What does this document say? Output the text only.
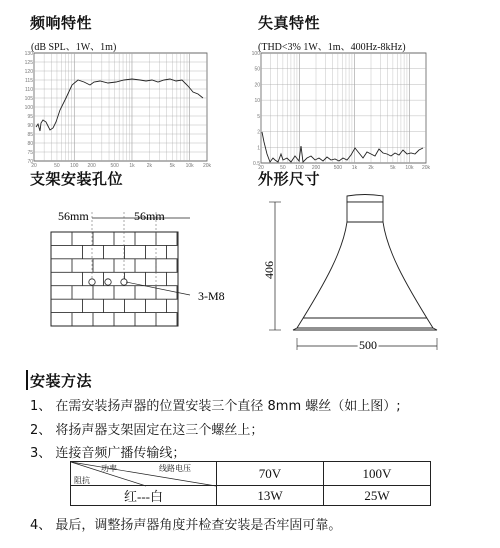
频响特性
(dB SPL、1W、1m)
130
125
120
115
110
105
100
95
90
85
80
75
70
20	50 100 200	500 1k 2k	5k 10k 20k
失真特性
(THD<3% 1W、1m、400Hz-8kHz)
100
50
20
10
5
2
1
0.5
20	50 100 200	500 1k 2k	5k 10k 20k
支架安装孔位
56mm	56mm
3-M8
外形尺寸
406
500
安装方法
1、 在需安装扬声器的位置安装三个直径 8mm 螺丝（如上图）;
2、 将扬声器支架固定在这三个螺丝上；
3、 连接音频广播传输线；
功率 线路电压
阻抗	70V	100V
红---白	13W	25W
4、 最后，调整扬声器角度并检查安装是否牢固可靠。
